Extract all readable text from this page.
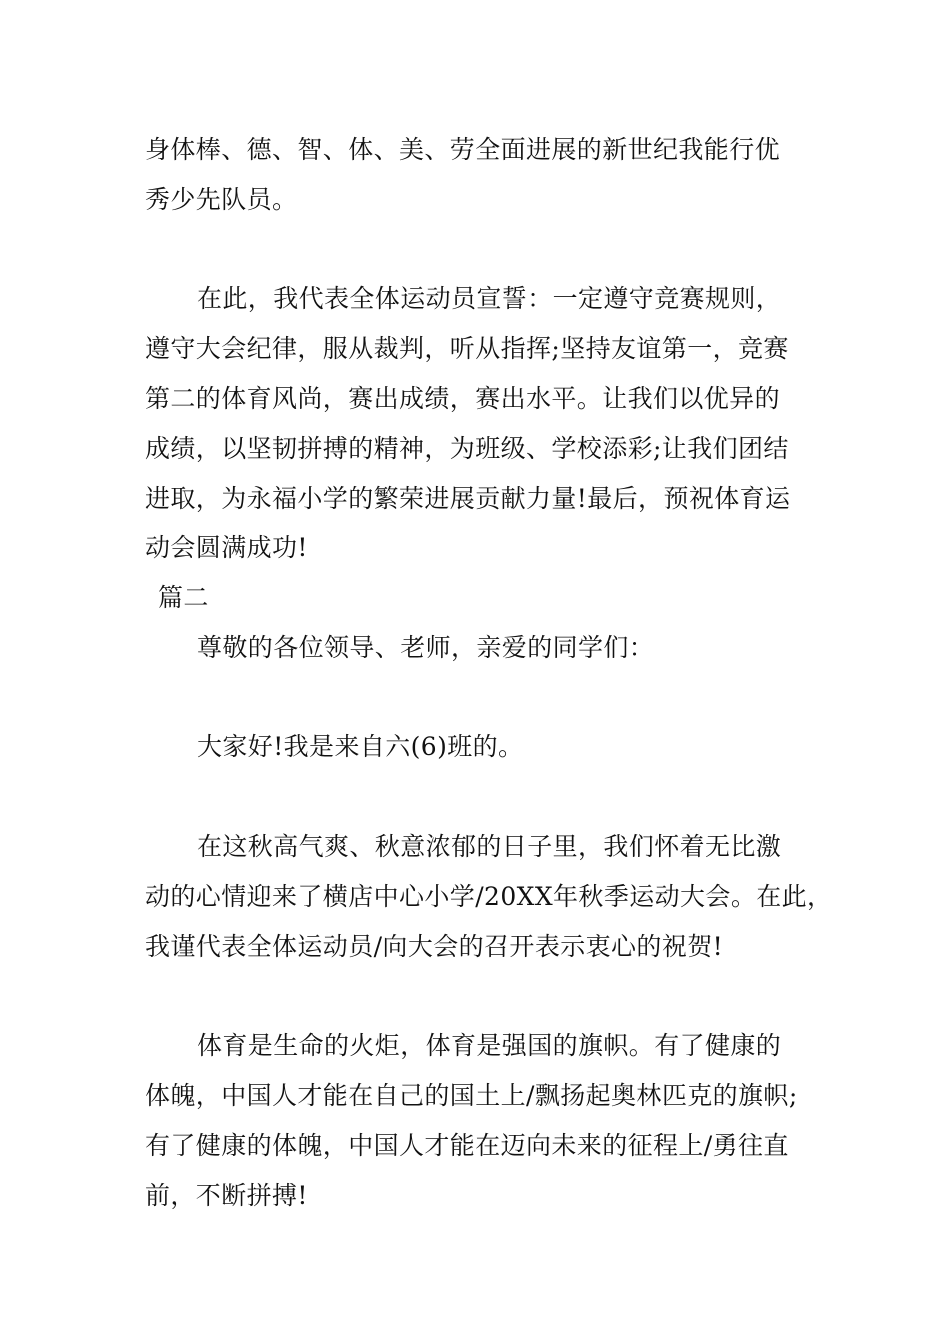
身体棒、德、智、体、美、劳全面进展的新世纪我能行优
秀少先队员。
在此，我代表全体运动员宣誓：一定遵守竞赛规则，
遵守大会纪律，服从裁判，听从指挥;坚持友谊第一，竞赛
第二的体育风尚，赛出成绩，赛出水平。让我们以优异的
成绩，以坚韧拼搏的精神，为班级、学校添彩;让我们团结
进取，为永福小学的繁荣进展贡献力量!最后，预祝体育运
动会圆满成功!
篇二
尊敬的各位领导、老师，亲爱的同学们：
大家好!我是来自六(6)班的。
在这秋高气爽、秋意浓郁的日子里，我们怀着无比激
动的心情迎来了横店中心小学/20XX年秋季运动大会。在此，
我谨代表全体运动员/向大会的召开表示衷心的祝贺!
体育是生命的火炬，体育是强国的旗帜。有了健康的
体魄，中国人才能在自己的国土上/飘扬起奥林匹克的旗帜;
有了健康的体魄，中国人才能在迈向未来的征程上/勇往直
前，不断拼搏!
